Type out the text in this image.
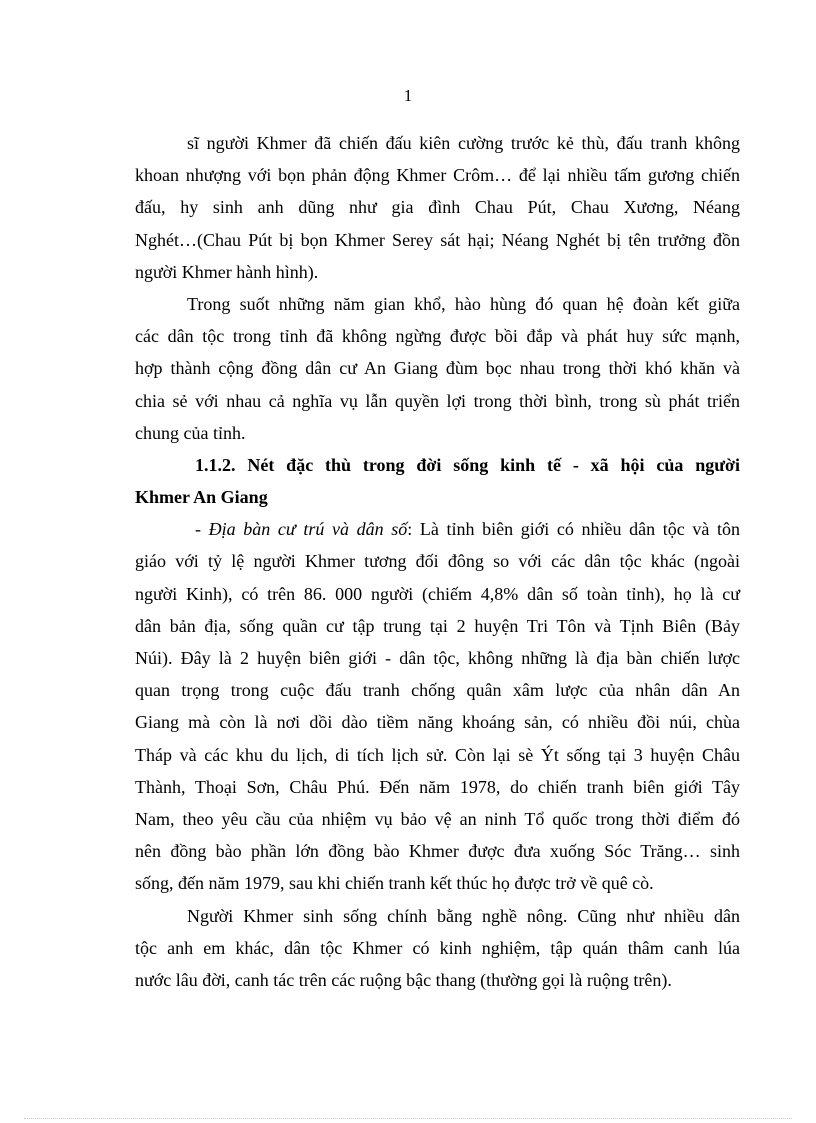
1
sĩ người Khmer đã chiến đấu kiên cường trước kẻ thù, đấu tranh không
khoan nhượng với bọn phản động Khmer Crôm… để lại nhiều tấm gương chiến
đấu, hy sinh anh dũng như gia đình Chau Pút, Chau Xương, Néang
Nghét…(Chau Pút bị bọn Khmer Serey sát hại; Néang Nghét bị tên trưởng đồn
người Khmer hành hình).
Trong suốt những năm gian khổ, hào hùng đó quan hệ đoàn kết giữa
các dân tộc trong tỉnh đã không ngừng được bồi đắp và phát huy sức mạnh,
hợp thành cộng đồng dân cư An Giang đùm bọc nhau trong thời khó khăn và
chia sẻ với nhau cả nghĩa vụ lẫn quyền lợi trong thời bình, trong sù phát triển
chung của tỉnh.
1.1.2. Nét đặc thù trong đời sống kinh tế - xã hội của người
Khmer An Giang
- Địa bàn cư trú và dân số: Là tỉnh biên giới có nhiều dân tộc và tôn
giáo với tỷ lệ người Khmer tương đối đông so với các dân tộc khác (ngoài
người Kinh), có trên 86. 000 người (chiếm 4,8% dân số toàn tỉnh), họ là cư
dân bản địa, sống quần cư tập trung tại 2 huyện Tri Tôn và Tịnh Biên (Bảy
Núi). Đây là 2 huyện biên giới - dân tộc, không những là địa bàn chiến lược
quan trọng trong cuộc đấu tranh chống quân xâm lược của nhân dân An
Giang mà còn là nơi dồi dào tiềm năng khoáng sản, có nhiều đồi núi, chùa
Tháp và các khu du lịch, di tích lịch sử. Còn lại sè Ýt sống tại 3 huyện Châu
Thành, Thoại Sơn, Châu Phú. Đến năm 1978, do chiến tranh biên giới Tây
Nam, theo yêu cầu của nhiệm vụ bảo vệ an ninh Tổ quốc trong thời điểm đó
nên đồng bào phần lớn đồng bào Khmer được đưa xuống Sóc Trăng… sinh
sống, đến năm 1979, sau khi chiến tranh kết thúc họ được trở về quê cò.
Người Khmer sinh sống chính bằng nghề nông. Cũng như nhiều dân
tộc anh em khác, dân tộc Khmer có kinh nghiệm, tập quán thâm canh lúa
nước lâu đời, canh tác trên các ruộng bậc thang (thường gọi là ruộng trên).
